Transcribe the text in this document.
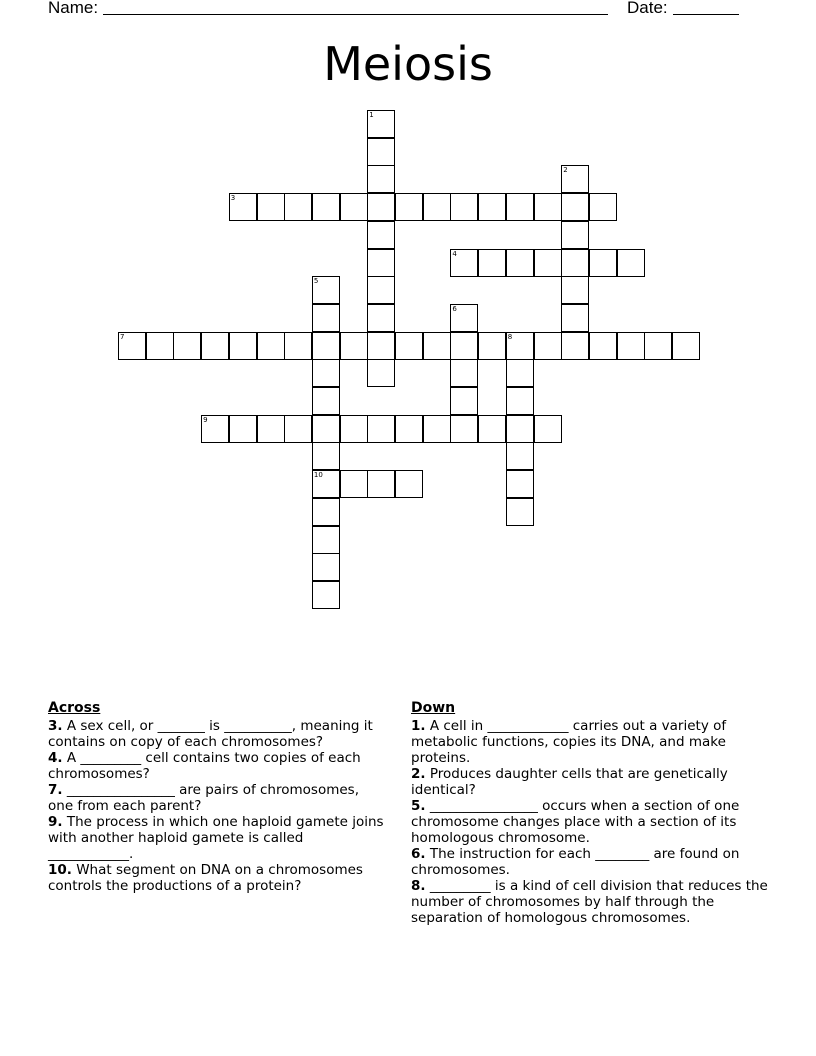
Name:	Date:
Meiosis
1
2
3
4
5
10
6
7	8
9
Across
3. A sex cell, or _______ is __________, meaning it contains on copy of each chromosomes?
4. A _________ cell contains two copies of each chromosomes?
7. ________________ are pairs of chromosomes, one from each parent?
9. The process in which one haploid gamete joins with another haploid gamete is called ____________.
10. What segment on DNA on a chromosomes controls the productions of a protein?
Down
1. A cell in ____________ carries out a variety of metabolic functions, copies its DNA, and make proteins.
2. Produces daughter cells that are genetically identical?
5. ________________ occurs when a section of one chromosome changes place with a section of its homologous chromosome.
6. The instruction for each ________ are found on chromosomes.
8. _________ is a kind of cell division that reduces the number of chromosomes by half through the separation of homologous chromosomes.
